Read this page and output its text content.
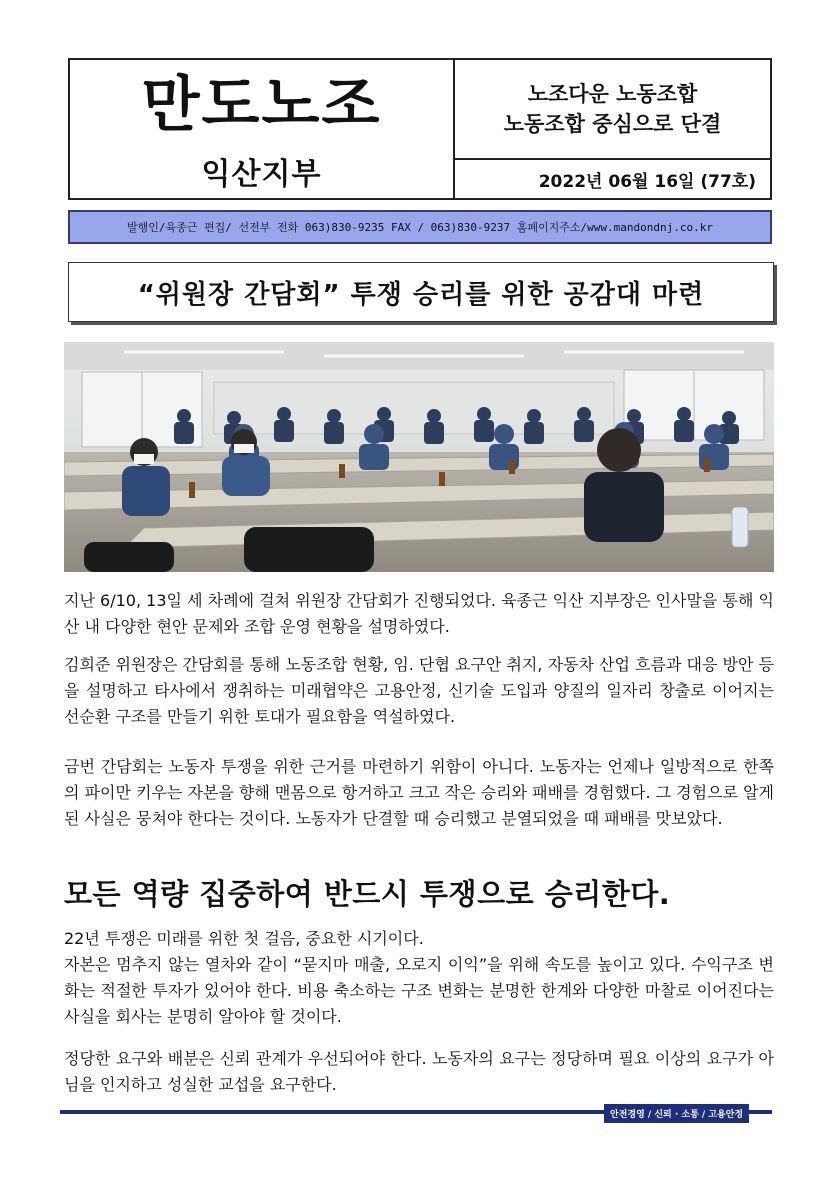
만도노조
익산지부
노조다운 노동조합
노동조합 중심으로 단결
2022년 06월 16일 (77호)
발행인/육종근 편집/ 선전부 전화 063)830-9235 FAX / 063)830-9237 홈페이지주소/www.mandondnj.co.kr
“위원장 간담회” 투쟁 승리를 위한 공감대 마련
지난 6/10, 13일 세 차례에 걸쳐 위원장 간담회가 진행되었다. 육종근 익산 지부장은 인사말을 통해 익산 내 다양한 현안 문제와 조합 운영 현황을 설명하였다.
김희준 위원장은 간담회를 통해 노동조합 현황, 임. 단협 요구안 취지, 자동차 산업 흐름과 대응 방안 등을 설명하고 타사에서 쟁취하는 미래협약은 고용안정, 신기술 도입과 양질의 일자리 창출로 이어지는 선순환 구조를 만들기 위한 토대가 필요함을 역설하였다.
금번 간담회는 노동자 투쟁을 위한 근거를 마련하기 위함이 아니다. 노동자는 언제나 일방적으로 한쪽의 파이만 키우는 자본을 향해 맨몸으로 항거하고 크고 작은 승리와 패배를 경험했다. 그 경험으로 알게 된 사실은 뭉쳐야 한다는 것이다. 노동자가 단결할 때 승리했고 분열되었을 때 패배를 맛보았다.
모든 역량 집중하여 반드시 투쟁으로 승리한다.
22년 투쟁은 미래를 위한 첫 걸음, 중요한 시기이다.
자본은 멈추지 않는 열차와 같이 “묻지마 매출, 오로지 이익”을 위해 속도를 높이고 있다. 수익구조 변화는 적절한 투자가 있어야 한다. 비용 축소하는 구조 변화는 분명한 한계와 다양한 마찰로 이어진다는 사실을 회사는 분명히 알아야 할 것이다.
정당한 요구와 배분은 신뢰 관계가 우선되어야 한다. 노동자의 요구는 정당하며 필요 이상의 요구가 아님을 인지하고 성실한 교섭을 요구한다.
안전경영 / 신뢰 · 소통 / 고용안정
